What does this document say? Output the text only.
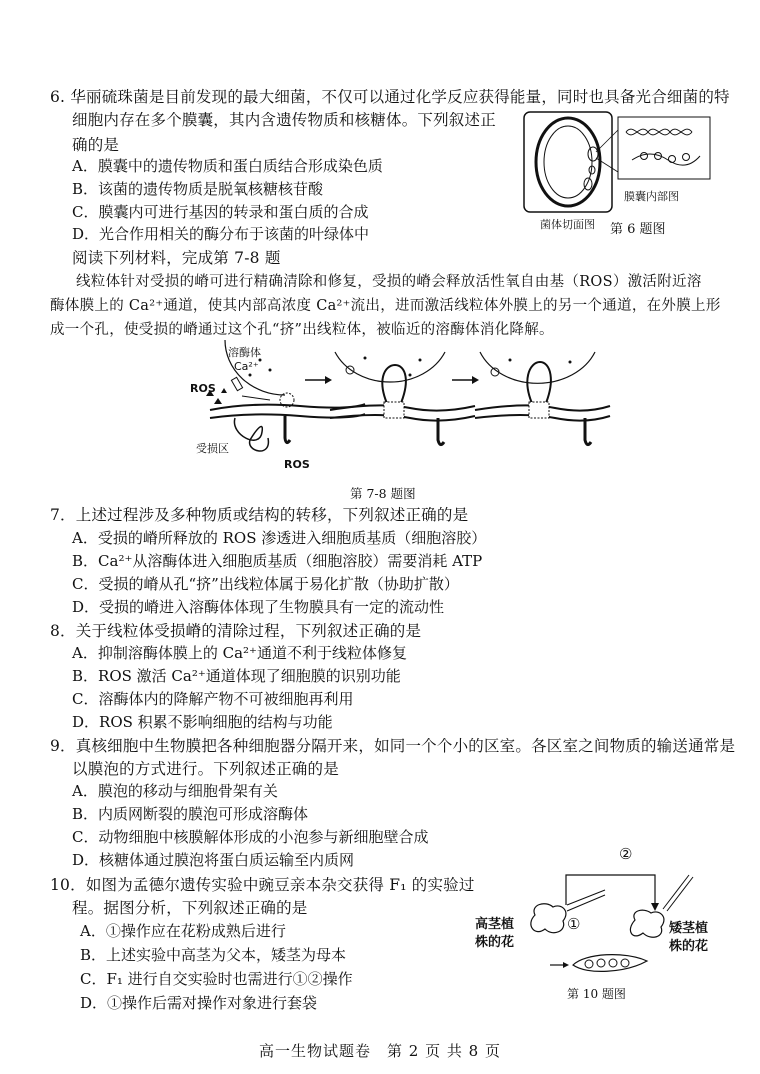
6. 华丽硫珠菌是目前发现的最大细菌，不仅可以通过化学反应获得能量，同时也具备光合细菌的特
细胞内存在多个膜囊，其内含遗传物质和核糖体。下列叙述正
确的是
A．膜囊中的遗传物质和蛋白质结合形成染色质
B．该菌的遗传物质是脱氧核糖核苷酸
C．膜囊内可进行基因的转录和蛋白质的合成
D．光合作用相关的酶分布于该菌的叶绿体中
膜囊内部图
菌体切面图 第 6 题图
阅读下列材料，完成第 7-8 题
线粒体针对受损的嵴可进行精确清除和修复，受损的嵴会释放活性氧自由基（ROS）激活附近溶
酶体膜上的 Ca²⁺通道，使其内部高浓度 Ca²⁺流出，进而激活线粒体外膜上的另一个通道，在外膜上形
成一个孔，使受损的嵴通过这个孔“挤”出线粒体，被临近的溶酶体消化降解。
溶酶体
Ca²⁺
ROS
受损区
ROS
第 7-8 题图
7．上述过程涉及多种物质或结构的转移，下列叙述正确的是
A．受损的嵴所释放的 ROS 渗透进入细胞质基质（细胞溶胶）
B．Ca²⁺从溶酶体进入细胞质基质（细胞溶胶）需要消耗 ATP
C．受损的嵴从孔“挤”出线粒体属于易化扩散（协助扩散）
D．受损的嵴进入溶酶体体现了生物膜具有一定的流动性
8．关于线粒体受损嵴的清除过程，下列叙述正确的是
A．抑制溶酶体膜上的 Ca²⁺通道不利于线粒体修复
B．ROS 激活 Ca²⁺通道体现了细胞膜的识别功能
C．溶酶体内的降解产物不可被细胞再利用
D．ROS 积累不影响细胞的结构与功能
9．真核细胞中生物膜把各种细胞器分隔开来，如同一个个小的区室。各区室之间物质的输送通常是
以膜泡的方式进行。下列叙述正确的是
A．膜泡的移动与细胞骨架有关
B．内质网断裂的膜泡可形成溶酶体
C．动物细胞中核膜解体形成的小泡参与新细胞壁合成
D．核糖体通过膜泡将蛋白质运输至内质网
10．如图为孟德尔遗传实验中豌豆亲本杂交获得 F₁ 的实验过
程。据图分析，下列叙述正确的是
A．①操作应在花粉成熟后进行
B．上述实验中高茎为父本，矮茎为母本
C．F₁ 进行自交实验时也需进行①②操作
D．①操作后需对操作对象进行套袋
②
①
高茎植
株的花
矮茎植
株的花
第 10 题图
高一生物试题卷　第 2 页 共 8 页
